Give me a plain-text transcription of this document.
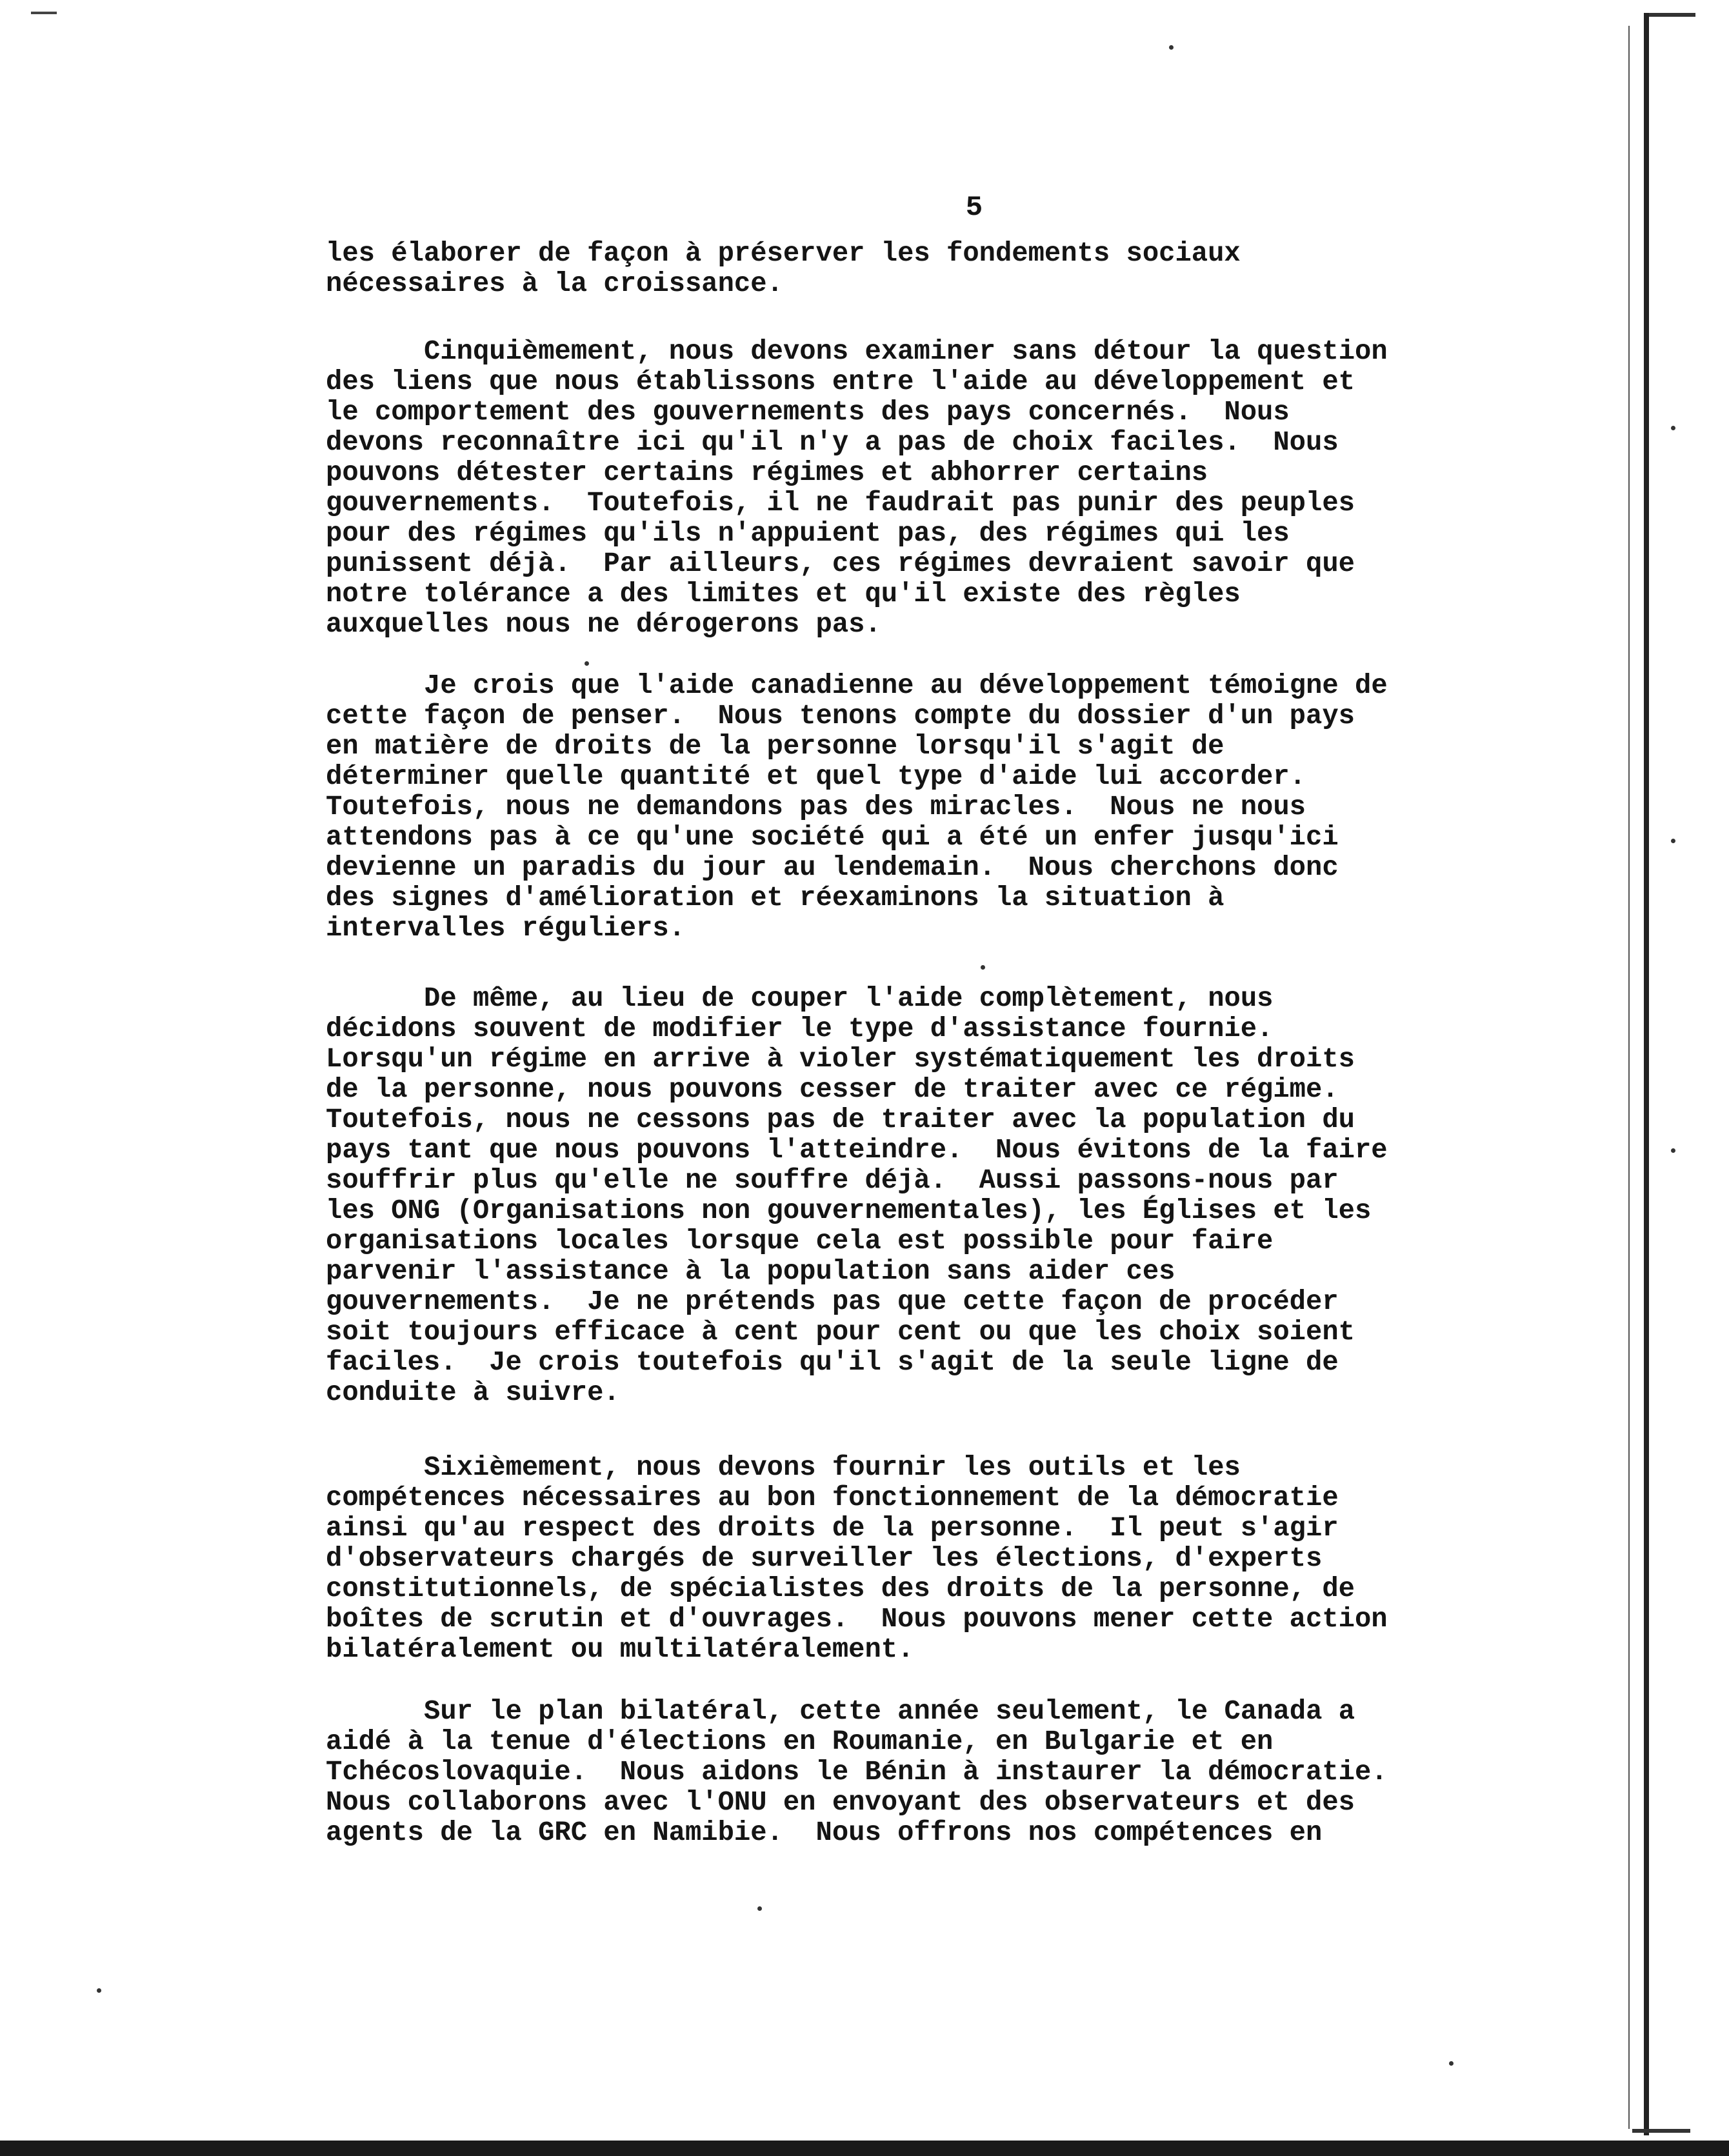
5
les élaborer de façon à préserver les fondements sociaux
nécessaires à la croissance.
Cinquièmement, nous devons examiner sans détour la question
des liens que nous établissons entre l'aide au développement et
le comportement des gouvernements des pays concernés.  Nous
devons reconnaître ici qu'il n'y a pas de choix faciles.  Nous
pouvons détester certains régimes et abhorrer certains
gouvernements.  Toutefois, il ne faudrait pas punir des peuples
pour des régimes qu'ils n'appuient pas, des régimes qui les
punissent déjà.  Par ailleurs, ces régimes devraient savoir que
notre tolérance a des limites et qu'il existe des règles
auxquelles nous ne dérogerons pas.
Je crois que l'aide canadienne au développement témoigne de
cette façon de penser.  Nous tenons compte du dossier d'un pays
en matière de droits de la personne lorsqu'il s'agit de
déterminer quelle quantité et quel type d'aide lui accorder.
Toutefois, nous ne demandons pas des miracles.  Nous ne nous
attendons pas à ce qu'une société qui a été un enfer jusqu'ici
devienne un paradis du jour au lendemain.  Nous cherchons donc
des signes d'amélioration et réexaminons la situation à
intervalles réguliers.
De même, au lieu de couper l'aide complètement, nous
décidons souvent de modifier le type d'assistance fournie.
Lorsqu'un régime en arrive à violer systématiquement les droits
de la personne, nous pouvons cesser de traiter avec ce régime.
Toutefois, nous ne cessons pas de traiter avec la population du
pays tant que nous pouvons l'atteindre.  Nous évitons de la faire
souffrir plus qu'elle ne souffre déjà.  Aussi passons-nous par
les ONG (Organisations non gouvernementales), les Églises et les
organisations locales lorsque cela est possible pour faire
parvenir l'assistance à la population sans aider ces
gouvernements.  Je ne prétends pas que cette façon de procéder
soit toujours efficace à cent pour cent ou que les choix soient
faciles.  Je crois toutefois qu'il s'agit de la seule ligne de
conduite à suivre.
Sixièmement, nous devons fournir les outils et les
compétences nécessaires au bon fonctionnement de la démocratie
ainsi qu'au respect des droits de la personne.  Il peut s'agir
d'observateurs chargés de surveiller les élections, d'experts
constitutionnels, de spécialistes des droits de la personne, de
boîtes de scrutin et d'ouvrages.  Nous pouvons mener cette action
bilatéralement ou multilatéralement.
Sur le plan bilatéral, cette année seulement, le Canada a
aidé à la tenue d'élections en Roumanie, en Bulgarie et en
Tchécoslovaquie.  Nous aidons le Bénin à instaurer la démocratie.
Nous collaborons avec l'ONU en envoyant des observateurs et des
agents de la GRC en Namibie.  Nous offrons nos compétences en
